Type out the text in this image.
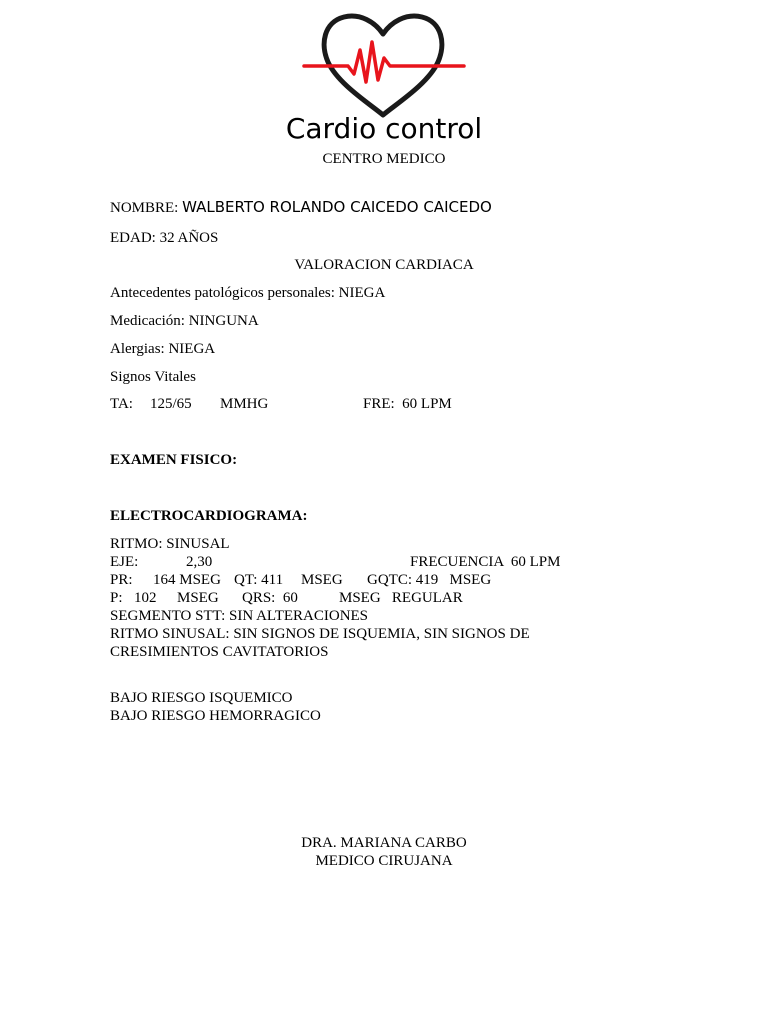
Cardio control
CENTRO MEDICO
NOMBRE: WALBERTO ROLANDO CAICEDO CAICEDO
EDAD: 32 AÑOS
VALORACION CARDIACA
Antecedentes patológicos personales: NIEGA
Medicación: NINGUNA
Alergias: NIEGA
Signos Vitales
TA: 125/65 MMHG	FRE:  60 LPM
EXAMEN FISICO:
ELECTROCARDIOGRAMA:
RITMO: SINUSAL
EJE:	2,30	FRECUENCIA  60 LPM
PR: 164 MSEG QT: 411 MSEG GQTC: 419   MSEG
P: 102 MSEG QRS:  60	MSEG   REGULAR
SEGMENTO STT: SIN ALTERACIONES
RITMO SINUSAL: SIN SIGNOS DE ISQUEMIA, SIN SIGNOS DE
CRESIMIENTOS CAVITATORIOS
BAJO RIESGO ISQUEMICO
BAJO RIESGO HEMORRAGICO
DRA. MARIANA CARBO
MEDICO CIRUJANA
